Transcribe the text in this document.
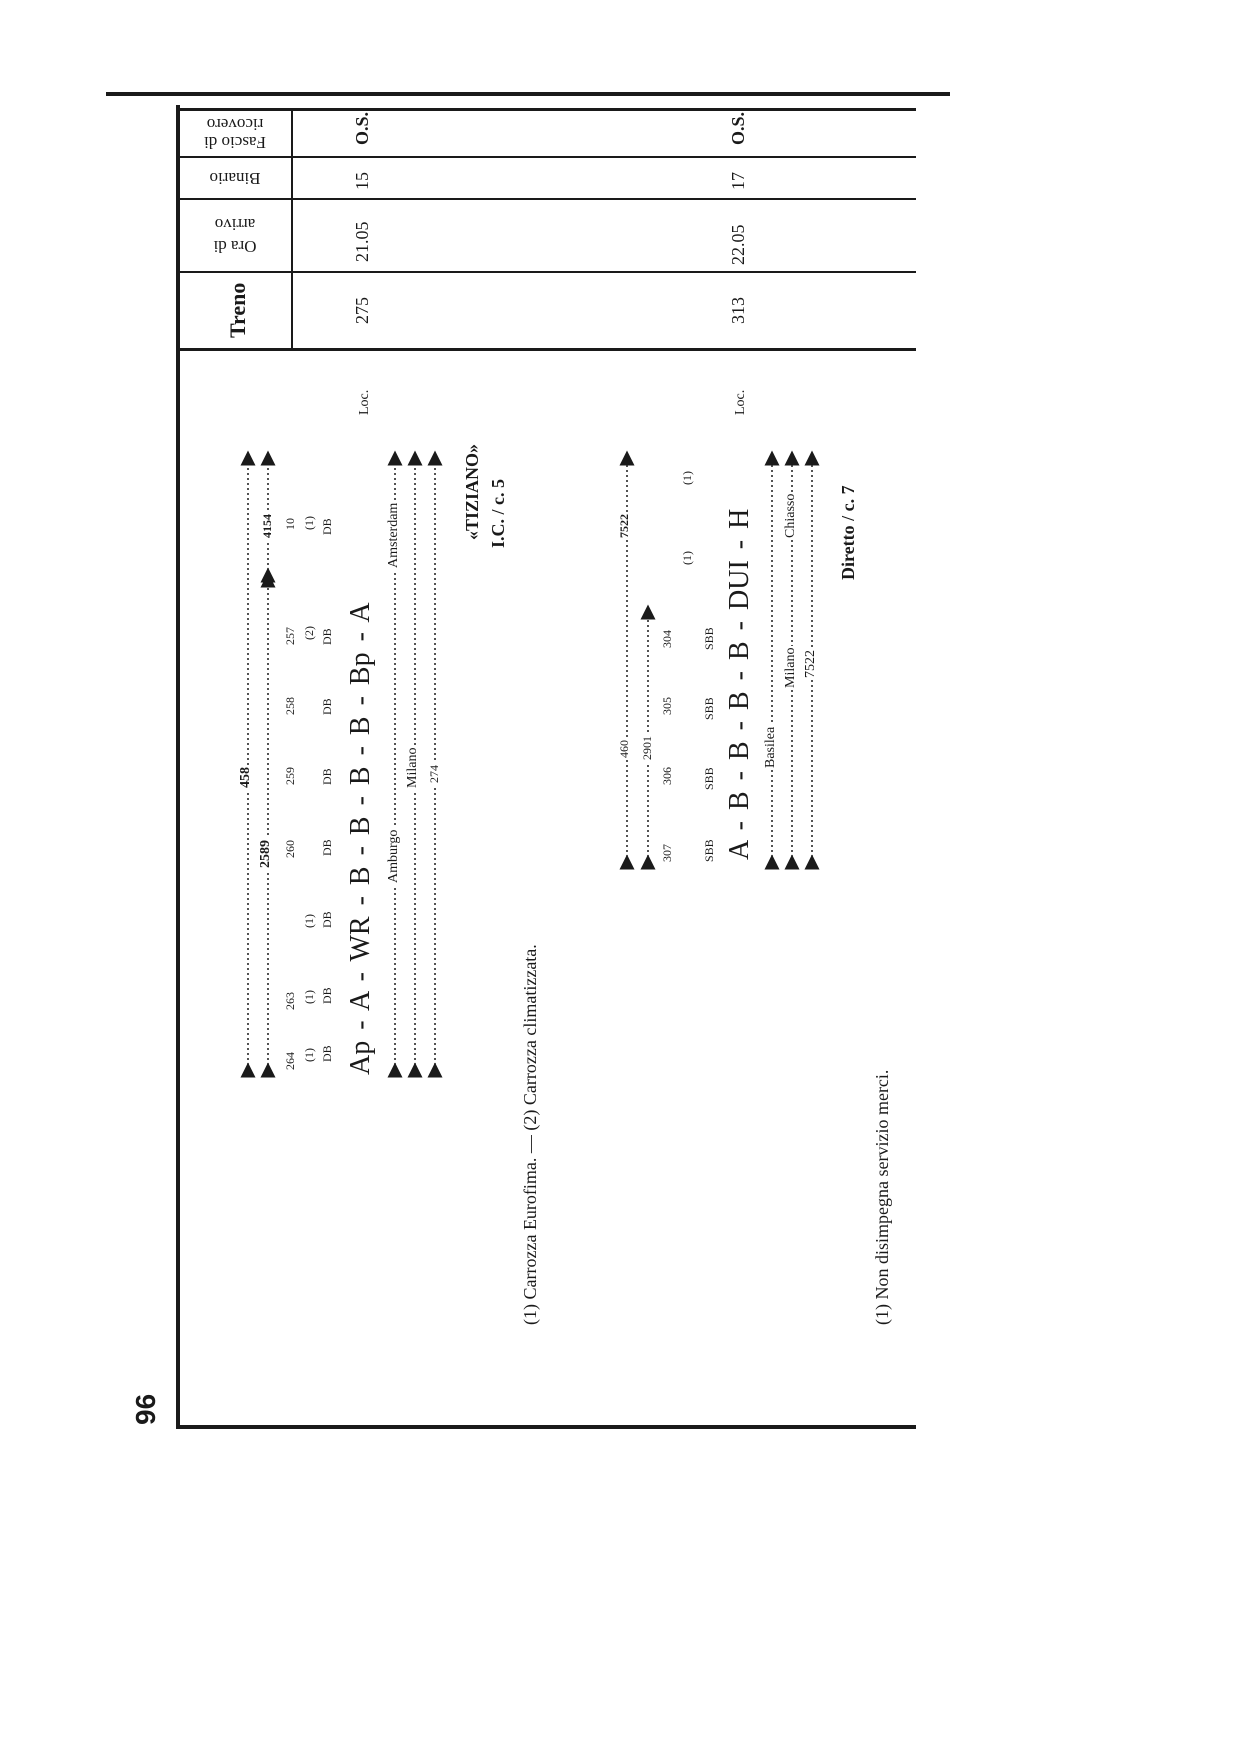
96
Fascio di ricovero
Binario
Ora di arrivo
Treno
O.S.
15
21.05
275
Loc.
O.S.
17
22.05
313
Loc.
458
2589
4154
264
263
260
259
258
257
10
(1)
(1)
(1)
(2)
(1)
DB
DB
DB
DB
DB
DB
DB
DB
Ap - A - WR - B - B - B - B - Bp - A Amburgo
Amsterdam
Milano 274
«TIZIANO» I.C. / c. 5
(1) Carrozza Eurofima. — (2) Carrozza climatizzata.
460
7522
2901
307
306
305
304
(1)
(1)
SBB
SBB
SBB
SBB A - B - B - B - B - DUI - H Basilea
Chiasso
Milano 7522
Diretto / c. 7
(1) Non disimpegna servizio merci.
